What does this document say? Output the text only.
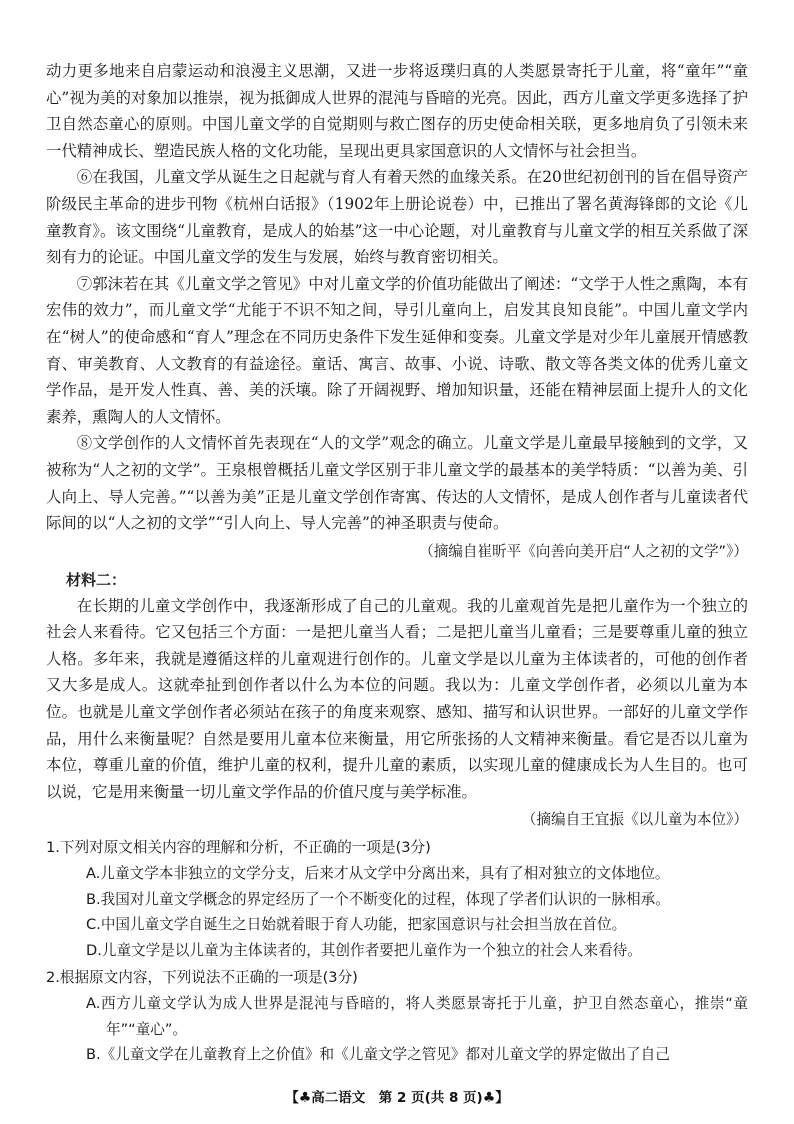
动力更多地来自启蒙运动和浪漫主义思潮，又进一步将返璞归真的人类愿景寄托于儿童，将“童年”“童心”视为美的对象加以推崇，视为抵御成人世界的混沌与昏暗的光亮。因此，西方儿童文学更多选择了护卫自然态童心的原则。中国儿童文学的自觉期则与救亡图存的历史使命相关联，更多地肩负了引领未来一代精神成长、塑造民族人格的文化功能，呈现出更具家国意识的人文情怀与社会担当。

⑥在我国，儿童文学从诞生之日起就与育人有着天然的血缘关系。在20世纪初创刊的旨在倡导资产阶级民主革命的进步刊物《杭州白话报》（1902年上册论说卷）中，已推出了署名黄海锋郎的文论《儿童教育》。该文围绕“儿童教育，是成人的始基”这一中心论题，对儿童教育与儿童文学的相互关系做了深刻有力的论证。中国儿童文学的发生与发展，始终与教育密切相关。

⑦郭沫若在其《儿童文学之管见》中对儿童文学的价值功能做出了阐述：“文学于人性之熏陶，本有宏伟的效力”，而儿童文学“尤能于不识不知之间，导引儿童向上，启发其良知良能”。中国儿童文学内在“树人”的使命感和“育人”理念在不同历史条件下发生延伸和变奏。儿童文学是对少年儿童展开情感教育、审美教育、人文教育的有益途径。童话、寓言、故事、小说、诗歌、散文等各类文体的优秀儿童文学作品，是开发人性真、善、美的沃壤。除了开阔视野、增加知识量，还能在精神层面上提升人的文化素养，熏陶人的人文情怀。

⑧文学创作的人文情怀首先表现在“人的文学”观念的确立。儿童文学是儿童最早接触到的文学，又被称为“人之初的文学”。王泉根曾概括儿童文学区别于非儿童文学的最基本的美学特质：“以善为美、引人向上、导人完善。”“以善为美”正是儿童文学创作寄寓、传达的人文情怀，是成人创作者与儿童读者代际间的以“人之初的文学”“引人向上、导人完善”的神圣职责与使命。

（摘编自崔昕平《向善向美开启“人之初的文学”》）

材料二：

在长期的儿童文学创作中，我逐渐形成了自己的儿童观。我的儿童观首先是把儿童作为一个独立的社会人来看待。它又包括三个方面：一是把儿童当人看；二是把儿童当儿童看；三是要尊重儿童的独立人格。多年来，我就是遵循这样的儿童观进行创作的。儿童文学是以儿童为主体读者的，可他的创作者又大多是成人。这就牵扯到创作者以什么为本位的问题。我以为：儿童文学创作者，必须以儿童为本位。也就是儿童文学创作者必须站在孩子的角度来观察、感知、描写和认识世界。一部好的儿童文学作品，用什么来衡量呢？自然是要用儿童本位来衡量，用它所张扬的人文精神来衡量。看它是否以儿童为本位，尊重儿童的价值，维护儿童的权利，提升儿童的素质，以实现儿童的健康成长为人生目的。也可以说，它是用来衡量一切儿童文学作品的价值尺度与美学标准。

（摘编自王宜振《以儿童为本位》）

1.下列对原文相关内容的理解和分析，不正确的一项是(3分)

A.儿童文学本非独立的文学分支，后来才从文学中分离出来，具有了相对独立的文体地位。

B.我国对儿童文学概念的界定经历了一个不断变化的过程，体现了学者们认识的一脉相承。

C.中国儿童文学自诞生之日始就着眼于育人功能，把家国意识与社会担当放在首位。

D.儿童文学是以儿童为主体读者的，其创作者要把儿童作为一个独立的社会人来看待。

2.根据原文内容，下列说法不正确的一项是(3分)

A.西方儿童文学认为成人世界是混沌与昏暗的，将人类愿景寄托于儿童，护卫自然态童心，推崇“童年”“童心”。

B.《儿童文学在儿童教育上之价值》和《儿童文学之管见》都对儿童文学的界定做出了自己

【♣高二语文　第 2 页(共 8 页)♣】
